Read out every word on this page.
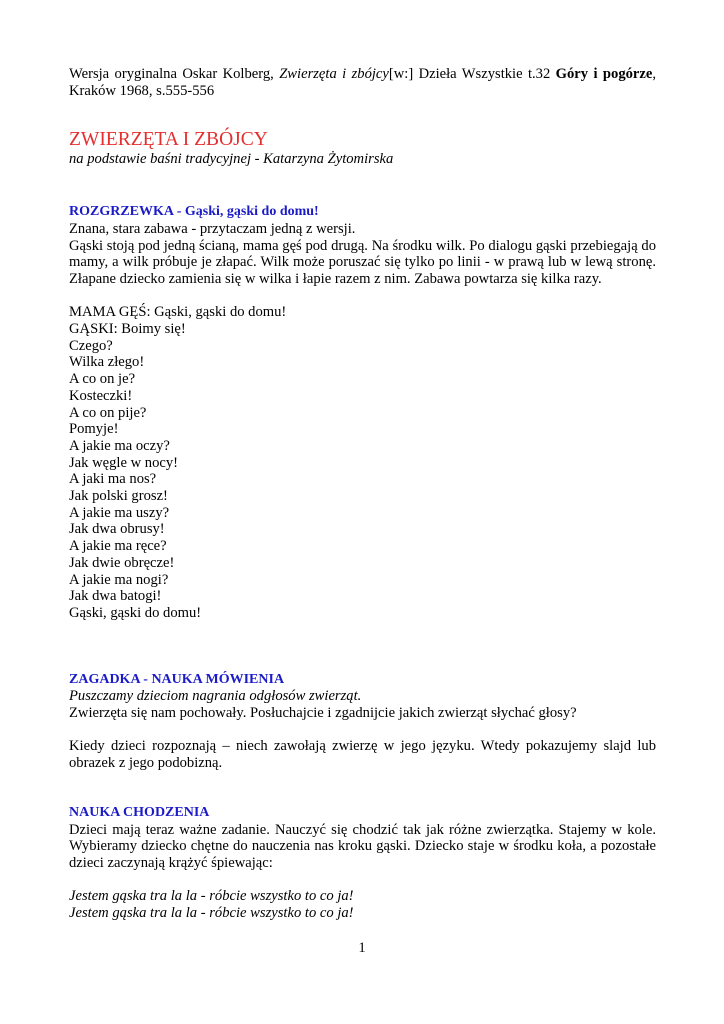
Wersja oryginalna Oskar Kolberg, Zwierzęta i zbójcy[w:] Dzieła Wszystkie t.32 Góry i pogórze, Kraków 1968, s.555-556

ZWIERZĘTA I ZBÓJCY

na podstawie baśni tradycyjnej - Katarzyna Żytomirska

ROZGRZEWKA - Gąski, gąski do domu!

Znana, stara zabawa - przytaczam jedną z wersji.

Gąski stoją pod jedną ścianą, mama gęś pod drugą. Na środku wilk. Po dialogu gąski przebiegają do mamy, a wilk próbuje je złapać. Wilk może poruszać się tylko po linii - w prawą lub w lewą stronę. Złapane dziecko zamienia się w wilka i łapie razem z nim. Zabawa powtarza się kilka razy.

MAMA GĘŚ: Gąski, gąski do domu!
GĄSKI: Boimy się!
Czego?
Wilka złego!
A co on je?
Kosteczki!
A co on pije?
Pomyje!
A jakie ma oczy?
Jak węgle w nocy!
A jaki ma nos?
Jak polski grosz!
A jakie ma uszy?
Jak dwa obrusy!
A jakie ma ręce?
Jak dwie obręcze!
A jakie ma nogi?
Jak dwa batogi!
Gąski, gąski do domu!
ZAGADKA - NAUKA MÓWIENIA

Puszczamy dzieciom nagrania odgłosów zwierząt.

Zwierzęta się nam pochowały. Posłuchajcie i zgadnijcie jakich zwierząt słychać głosy?

Kiedy dzieci rozpoznają – niech zawołają zwierzę w jego języku. Wtedy pokazujemy slajd lub obrazek z jego podobizną.

NAUKA CHODZENIA

Dzieci mają teraz ważne zadanie. Nauczyć się chodzić tak jak różne zwierzątka. Stajemy w kole. Wybieramy dziecko chętne do nauczenia nas kroku gąski. Dziecko staje w środku koła, a pozostałe dzieci zaczynają krążyć śpiewając:

Jestem gąska tra la la - róbcie wszystko to co ja!
Jestem gąska tra la la - róbcie wszystko to co ja!
1
